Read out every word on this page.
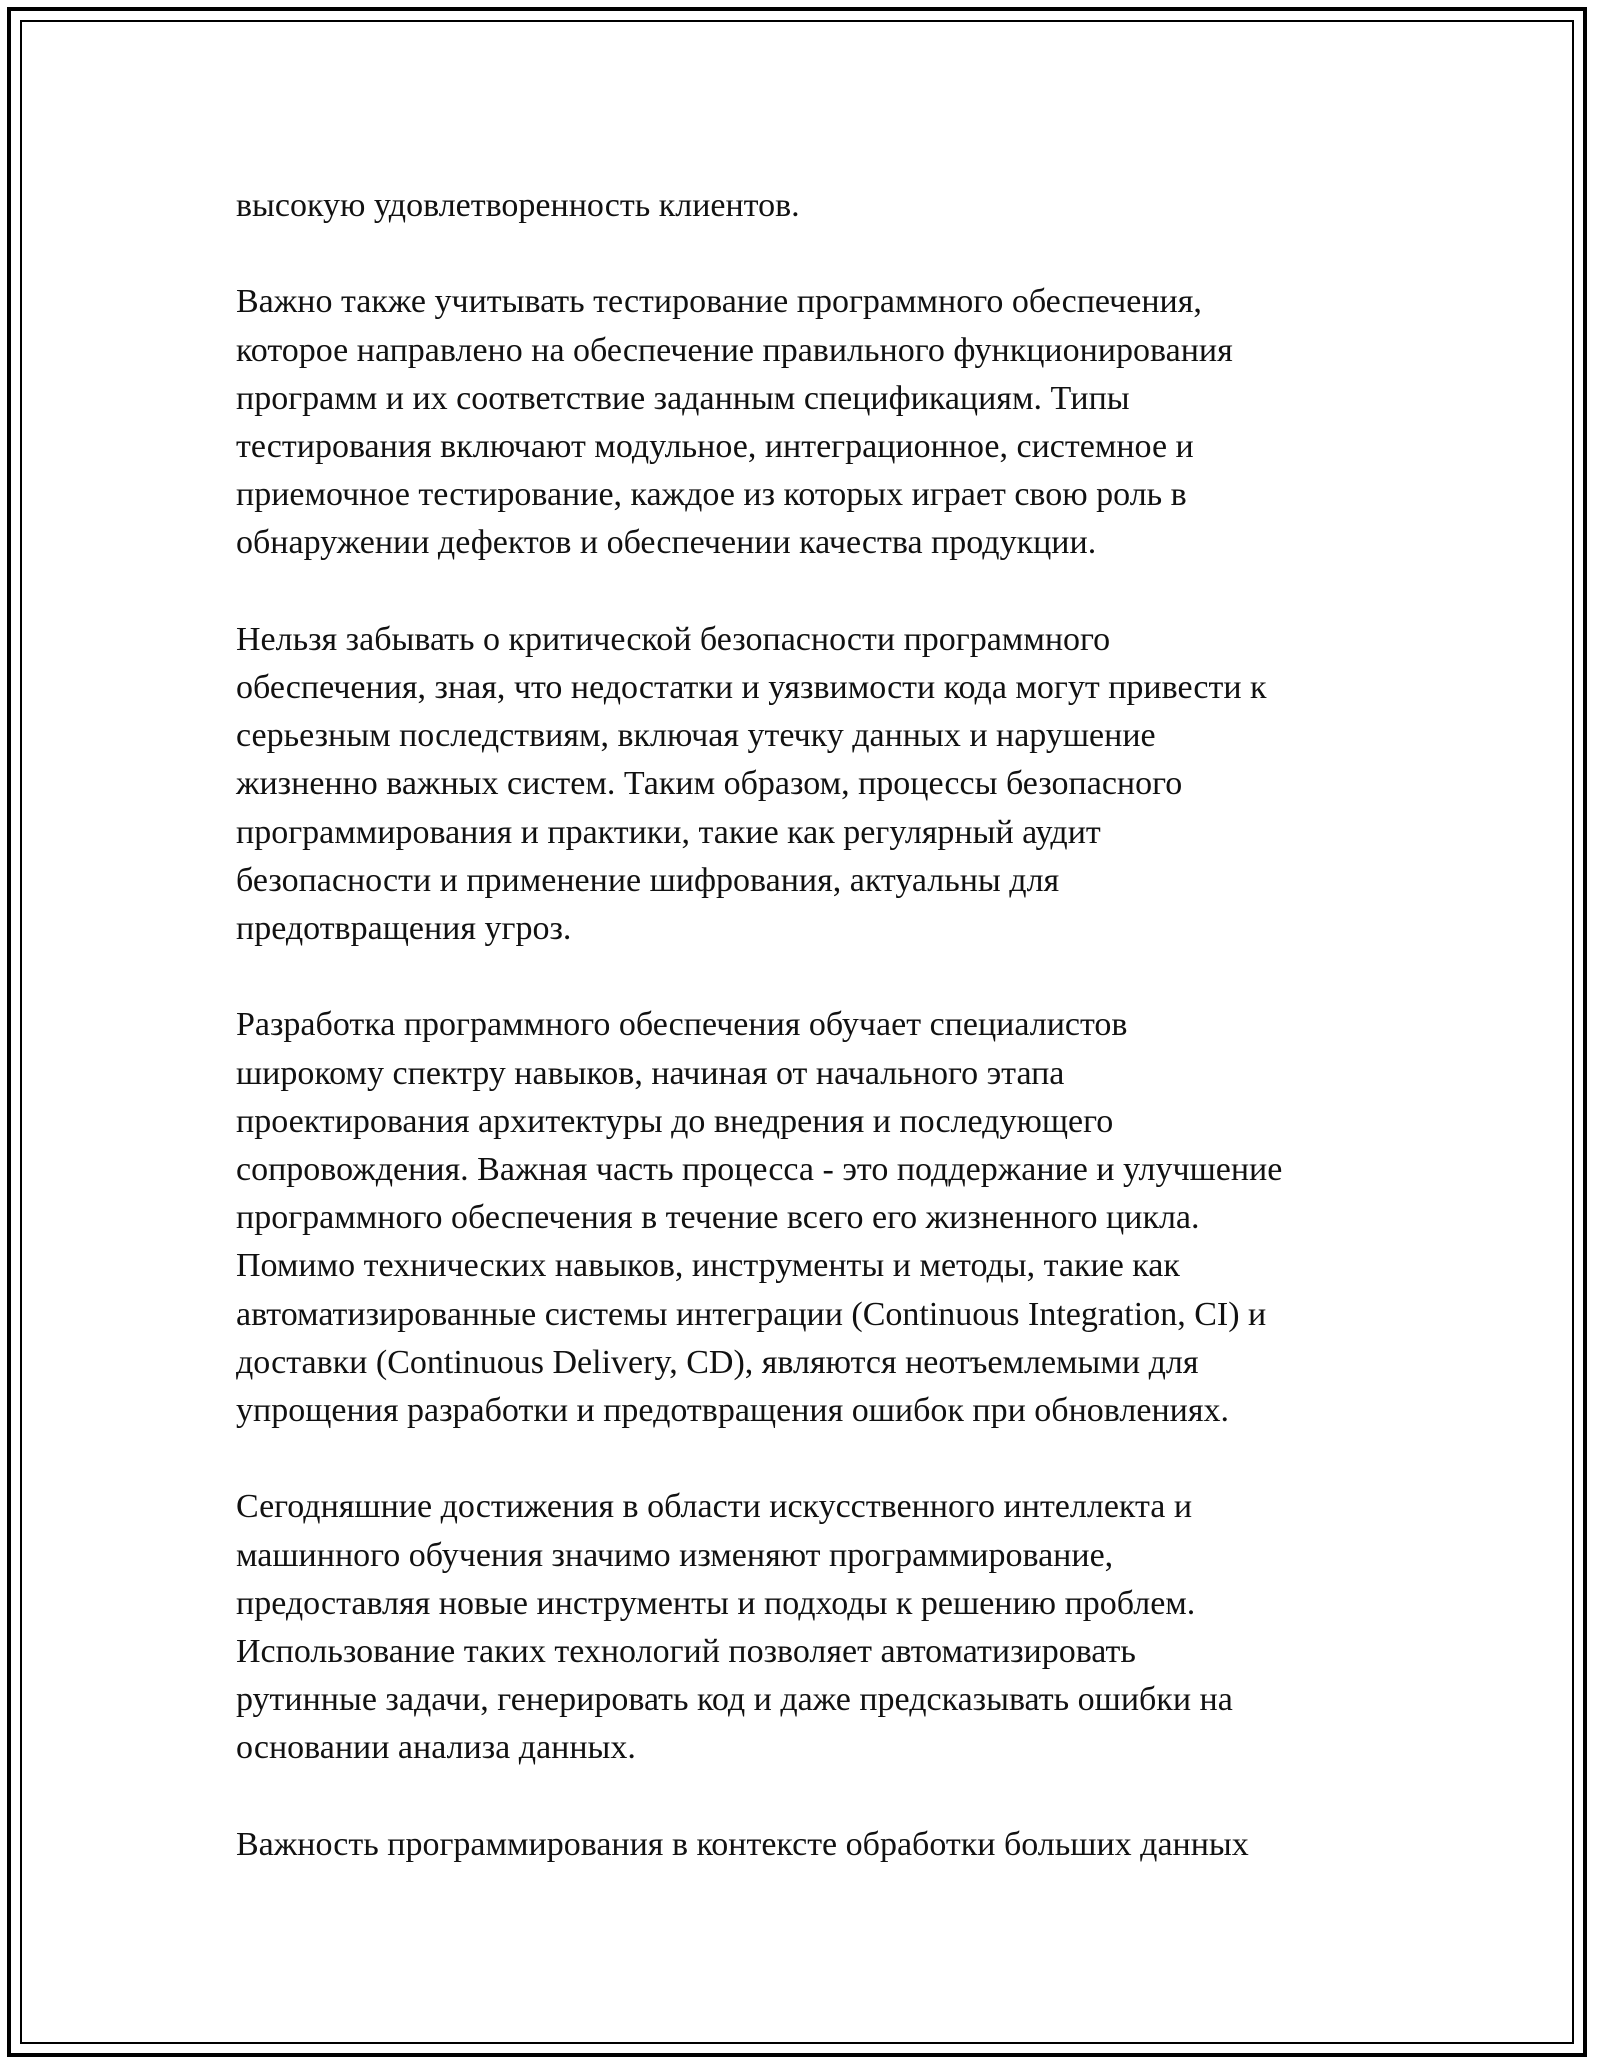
высокую удовлетворенность клиентов.

Важно также учитывать тестирование программного обеспечения,
которое направлено на обеспечение правильного функционирования
программ и их соответствие заданным спецификациям. Типы
тестирования включают модульное, интеграционное, системное и
приемочное тестирование, каждое из которых играет свою роль в
обнаружении дефектов и обеспечении качества продукции.

Нельзя забывать о критической безопасности программного
обеспечения, зная, что недостатки и уязвимости кода могут привести к
серьезным последствиям, включая утечку данных и нарушение
жизненно важных систем. Таким образом, процессы безопасного
программирования и практики, такие как регулярный аудит
безопасности и применение шифрования, актуальны для
предотвращения угроз.

Разработка программного обеспечения обучает специалистов
широкому спектру навыков, начиная от начального этапа
проектирования архитектуры до внедрения и последующего
сопровождения. Важная часть процесса - это поддержание и улучшение
программного обеспечения в течение всего его жизненного цикла.
Помимо технических навыков, инструменты и методы, такие как
автоматизированные системы интеграции (Continuous Integration, CI) и
доставки (Continuous Delivery, CD), являются неотъемлемыми для
упрощения разработки и предотвращения ошибок при обновлениях.

Сегодняшние достижения в области искусственного интеллекта и
машинного обучения значимо изменяют программирование,
предоставляя новые инструменты и подходы к решению проблем.
Использование таких технологий позволяет автоматизировать
рутинные задачи, генерировать код и даже предсказывать ошибки на
основании анализа данных.

Важность программирования в контексте обработки больших данных
